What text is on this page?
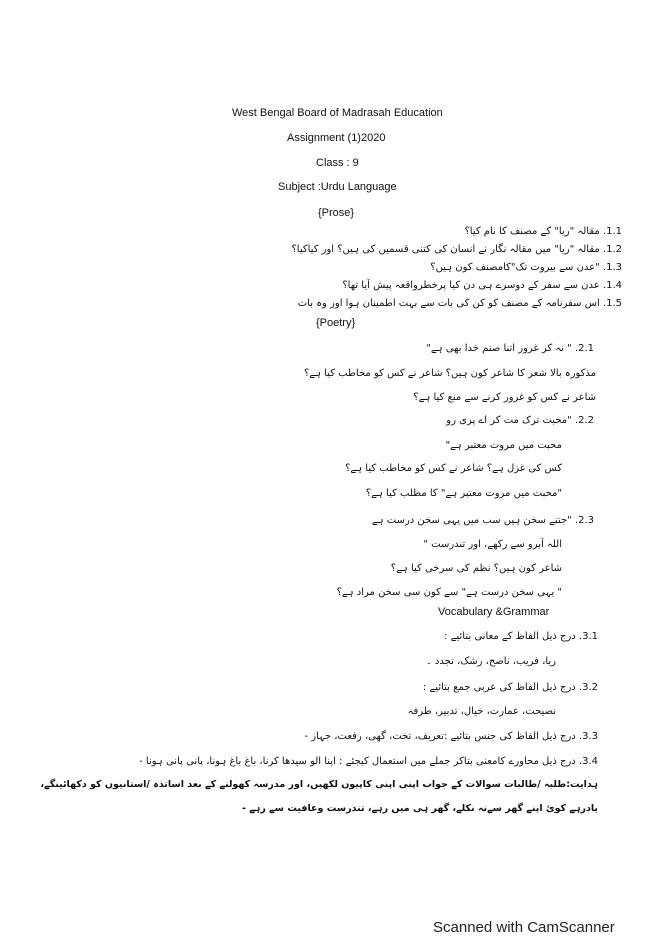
West Bengal Board of Madrasah Education
Assignment (1)2020
Class : 9
Subject :Urdu Language
{Prose}
1.1. مقالہ "ریا" کے مصنف کا نام کیا؟
1.2. مقالہ "ریا" میں مقالہ نگار نے انسان کی کتنی قسمیں کی ہیں؟ اور کیاکیا؟
1.3. "عدن سے بیروت تک"کامصنف کون ہیں؟
1.4. عدن سے سفر کے دوسرے ہی دن کیا پرخطرواقعہ پیش آیا تھا؟
1.5. اس سفرنامہ کے مصنف کو کن کی بات سے بہت اطمینان ہوا اور وہ بات
{Poetry}
2.1. " نہ کر غرور اتنا صنم خدا بھی ہے"
مذکورہ بالا شعر کا شاعر کون ہیں؟ شاعر نے کس کو مخاطب کیا ہے؟
شاعر نے کس کو غرور کرنے سے منع کیا ہے؟
2.2. "محبت ترک مت کر اے پری رو
محبت میں مروت معتبر ہے"
کس کی غزل ہے؟ شاعر نے کس کو مخاطب کیا ہے؟
"محبت میں مروت معتبر ہے" کا مطلب کیا ہے؟
2.3. "جتنے سخن ہیں سب میں یہی سخن درست ہے
اللہ آبرو سے رکھے، اور تندرست "
شاعر کون ہیں؟ نظم کی سرخی کیا ہے؟
" یہی سخن درست ہے" سے کون سی سخن مراد ہے؟
Vocabulary &Grammar
3.1. درج ذیل الفاظ کے معانی بتائیے :
ریا، فریب، ناصح، رشک، تجدد ۔
3.2. درج ذیل الفاظ کی عربی جمع بتائیے :
نصیحت، عمارت، خیال، تدبیر، طرفہ
3.3. درج ذیل الفاظ کی جنس بتائیے :تعریف، تخت، گھی، رفعت، جہاز -
3.4. درج ذیل محاورے کامعنی بتاکر جملے میں استعمال کیجئے : اپنا الو سیدھا کرنا، باغ باغ ہونا، پانی پانی ہونا -
ہدایت:طلبہ /طالبات سوالات کے جواب اپنی اپنی کاپیوں لکھیں، اور مدرسہ کھولنے کے بعد اساتذہ /استانیوں کو دکھائینگے،
یادرہے کوئ اپنے گھر سےنہ نکلے، گھر ہی میں رہے، تندرست وعافیت سے رہے -
Scanned with CamScanner
